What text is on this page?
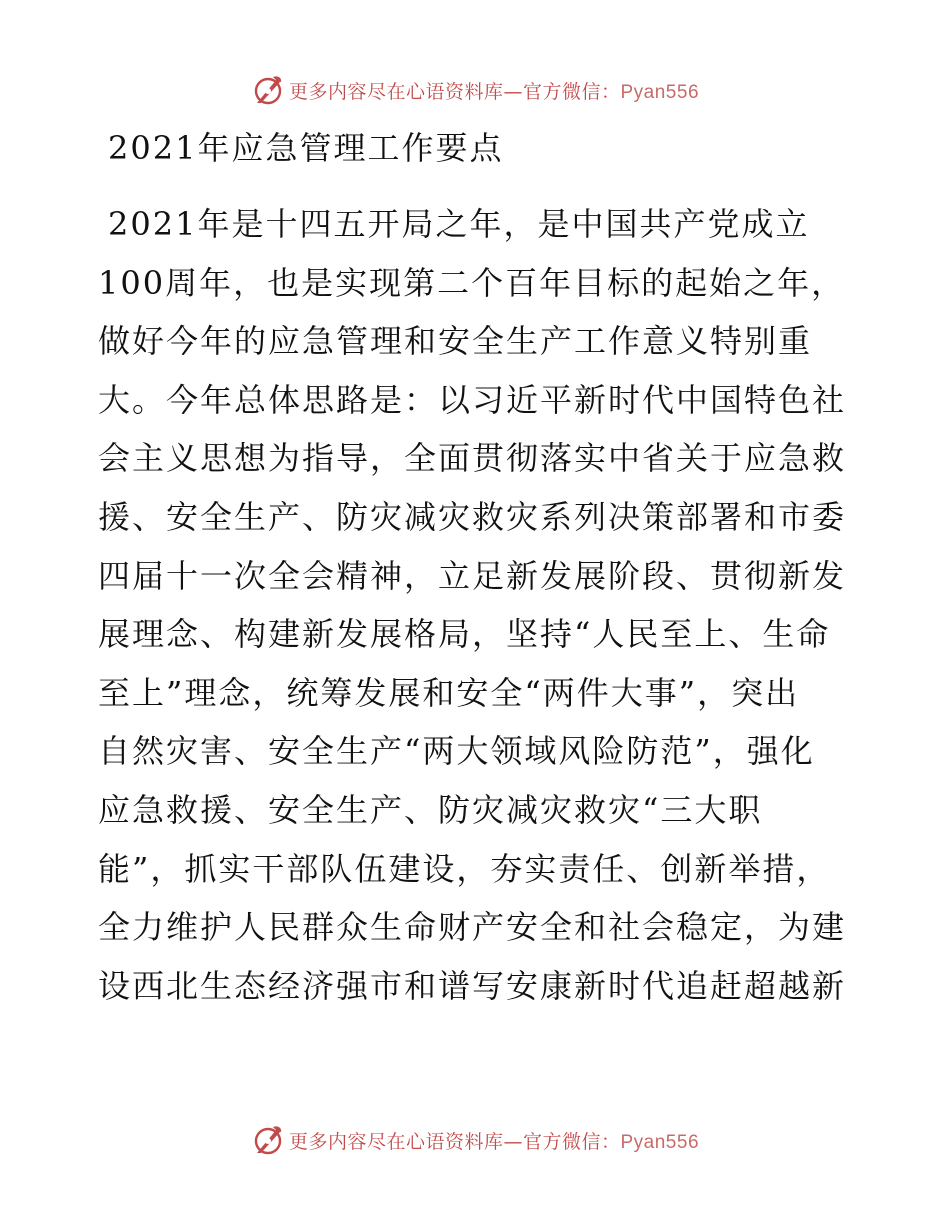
更多内容尽在心语资料库—官方微信：Pyan556
2021年应急管理工作要点
2021年是十四五开局之年，是中国共产党成立
100周年，也是实现第二个百年目标的起始之年，
做好今年的应急管理和安全生产工作意义特别重
大。今年总体思路是：以习近平新时代中国特色社
会主义思想为指导，全面贯彻落实中省关于应急救
援、安全生产、防灾减灾救灾系列决策部署和市委
四届十一次全会精神，立足新发展阶段、贯彻新发
展理念、构建新发展格局，坚持“人民至上、生命
至上”理念，统筹发展和安全“两件大事”，突出
自然灾害、安全生产“两大领域风险防范”，强化
应急救援、安全生产、防灾减灾救灾“三大职
能”，抓实干部队伍建设，夯实责任、创新举措，
全力维护人民群众生命财产安全和社会稳定，为建
设西北生态经济强市和谱写安康新时代追赶超越新
更多内容尽在心语资料库—官方微信：Pyan556
